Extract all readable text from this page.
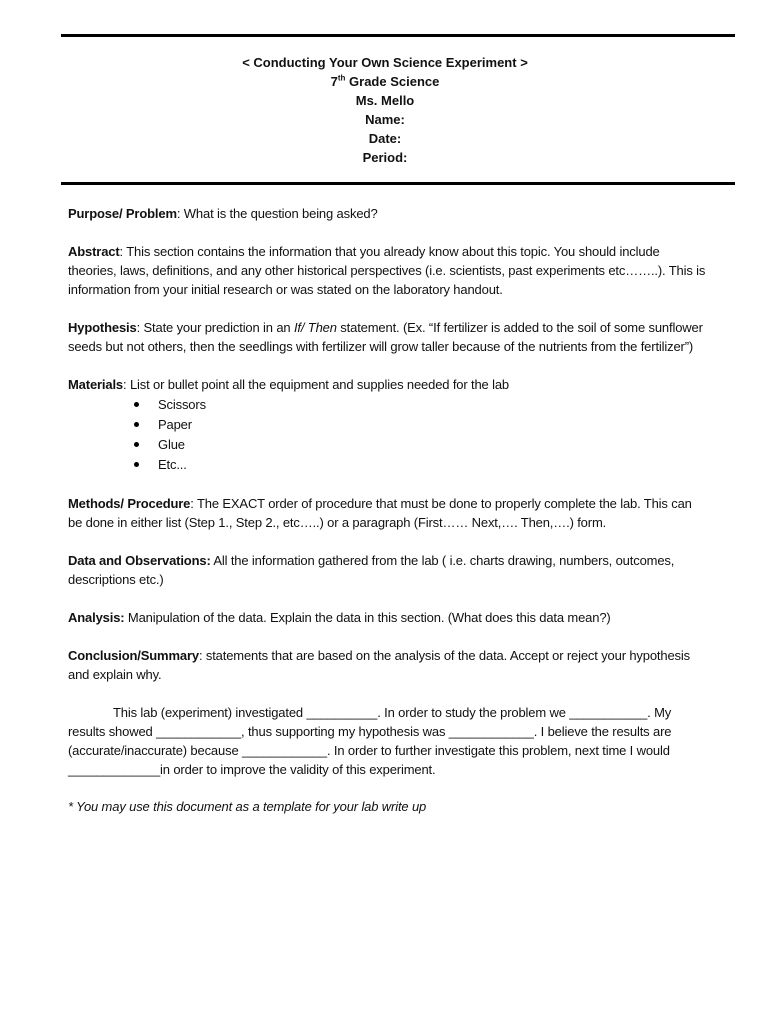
< Conducting Your Own Science Experiment >
7th Grade Science
Ms. Mello
Name:
Date:
Period:

Purpose/ Problem: What is the question being asked?

Abstract: This section contains the information that you already know about this topic. You should include theories, laws, definitions, and any other historical perspectives (i.e. scientists, past experiments etc……..). This is information from your initial research or was stated on the laboratory handout.

Hypothesis: State your prediction in an If/ Then statement. (Ex. “If fertilizer is added to the soil of some sunflower seeds but not others, then the seedlings with fertilizer will grow taller because of the nutrients from the fertilizer”)

Materials: List or bullet point all the equipment and supplies needed for the lab

Scissors
Paper
Glue
Etc...

Methods/ Procedure: The EXACT order of procedure that must be done to properly complete the lab. This can be done in either list (Step 1., Step 2., etc…..) or a paragraph (First…… Next,…. Then,….) form.

Data and Observations: All the information gathered from the lab ( i.e. charts drawing, numbers, outcomes, descriptions etc.)

Analysis: Manipulation of the data. Explain the data in this section. (What does this data mean?)

Conclusion/Summary: statements that are based on the analysis of the data. Accept or reject your hypothesis and explain why.

This lab (experiment) investigated __________. In order to study the problem we ___________. My results showed ____________, thus supporting my hypothesis was ____________. I believe the results are (accurate/inaccurate) because ____________. In order to further investigate this problem, next time I would _____________in order to improve the validity of this experiment.

* You may use this document as a template for your lab write up
